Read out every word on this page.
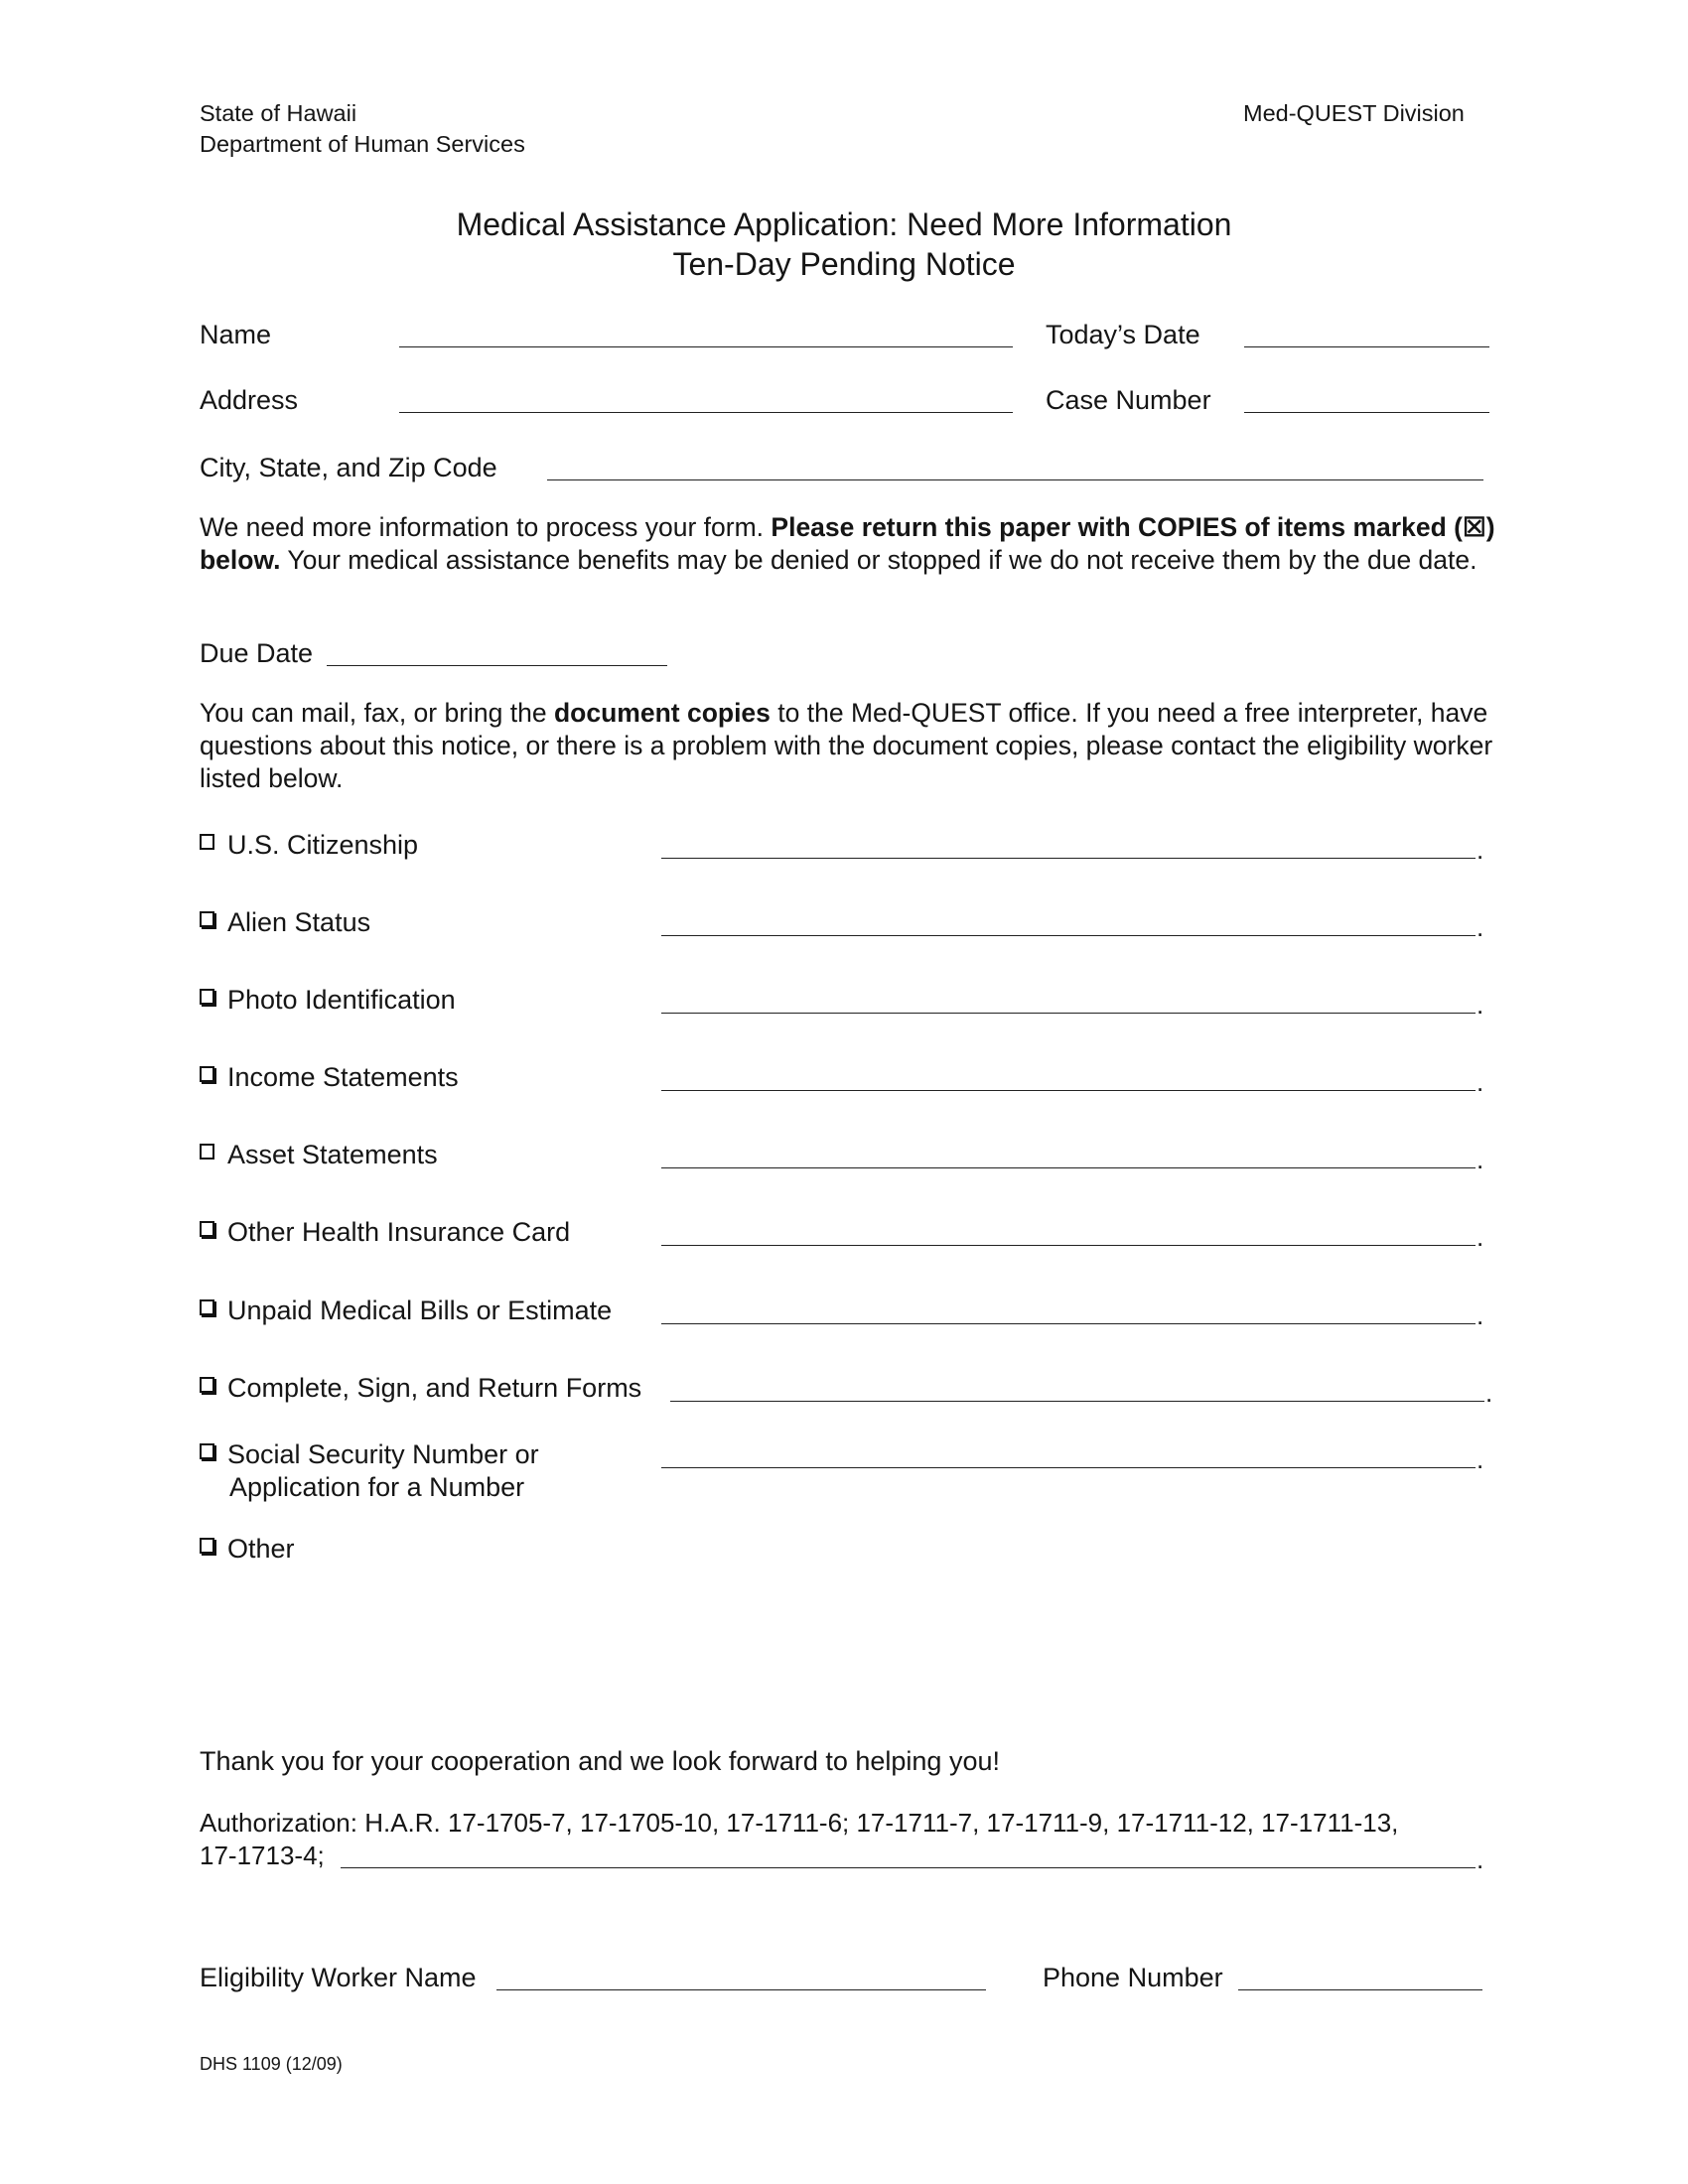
State of Hawaii
Department of Human Services
Med-QUEST Division
Medical Assistance Application: Need More Information
Ten-Day Pending Notice
Name	Today’s Date
Address	Case Number
City, State, and Zip Code
We need more information to process your form. Please return this paper with COPIES of items marked (☒) below. Your medical assistance benefits may be denied or stopped if we do not receive them by the due date.
Due Date
You can mail, fax, or bring the document copies to the Med-QUEST office. If you need a free interpreter, have questions about this notice, or there is a problem with the document copies, please contact the eligibility worker listed below.
U.S. Citizenship	.
Alien Status	.
Photo Identification	.
Income Statements	.
Asset Statements	.
Other Health Insurance Card	.
Unpaid Medical Bills or Estimate	.
Complete, Sign, and Return Forms	.
Social Security Number or
Application for a Number
.
Other
Thank you for your cooperation and we look forward to helping you!
Authorization: H.A.R. 17-1705-7, 17-1705-10, 17-1711-6; 17-1711-7, 17-1711-9, 17-1711-12, 17-1711-13,
17-1713-4;	.
Eligibility Worker Name	Phone Number
DHS 1109 (12/09)
